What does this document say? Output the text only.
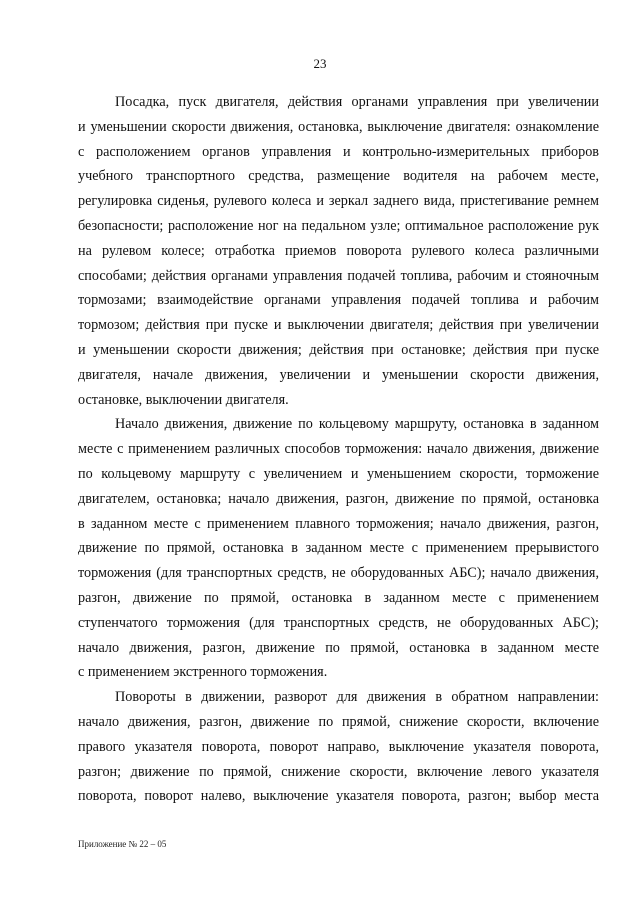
23
Посадка, пуск двигателя, действия органами управления при увеличении
и уменьшении скорости движения, остановка, выключение двигателя: ознакомление
с расположением органов управления и контрольно-измерительных приборов
учебного транспортного средства, размещение водителя на рабочем месте,
регулировка сиденья, рулевого колеса и зеркал заднего вида, пристегивание ремнем
безопасности; расположение ног на педальном узле; оптимальное расположение рук
на рулевом колесе; отработка приемов поворота рулевого колеса различными
способами; действия органами управления подачей топлива, рабочим и стояночным
тормозами; взаимодействие органами управления подачей топлива и рабочим
тормозом; действия при пуске и выключении двигателя; действия при увеличении
и уменьшении скорости движения; действия при остановке; действия при пуске
двигателя, начале движения, увеличении и уменьшении скорости движения,
остановке, выключении двигателя.
Начало движения, движение по кольцевому маршруту, остановка в заданном
месте с применением различных способов торможения: начало движения, движение
по кольцевому маршруту с увеличением и уменьшением скорости, торможение
двигателем, остановка; начало движения, разгон, движение по прямой, остановка
в заданном месте с применением плавного торможения; начало движения, разгон,
движение по прямой, остановка в заданном месте с применением прерывистого
торможения (для транспортных средств, не оборудованных АБС); начало движения,
разгон, движение по прямой, остановка в заданном месте с применением
ступенчатого торможения (для транспортных средств, не оборудованных АБС);
начало движения, разгон, движение по прямой, остановка в заданном месте
с применением экстренного торможения.
Повороты в движении, разворот для движения в обратном направлении:
начало движения, разгон, движение по прямой, снижение скорости, включение
правого указателя поворота, поворот направо, выключение указателя поворота,
разгон; движение по прямой, снижение скорости, включение левого указателя
поворота, поворот налево, выключение указателя поворота, разгон; выбор места
Приложение № 22 – 05
